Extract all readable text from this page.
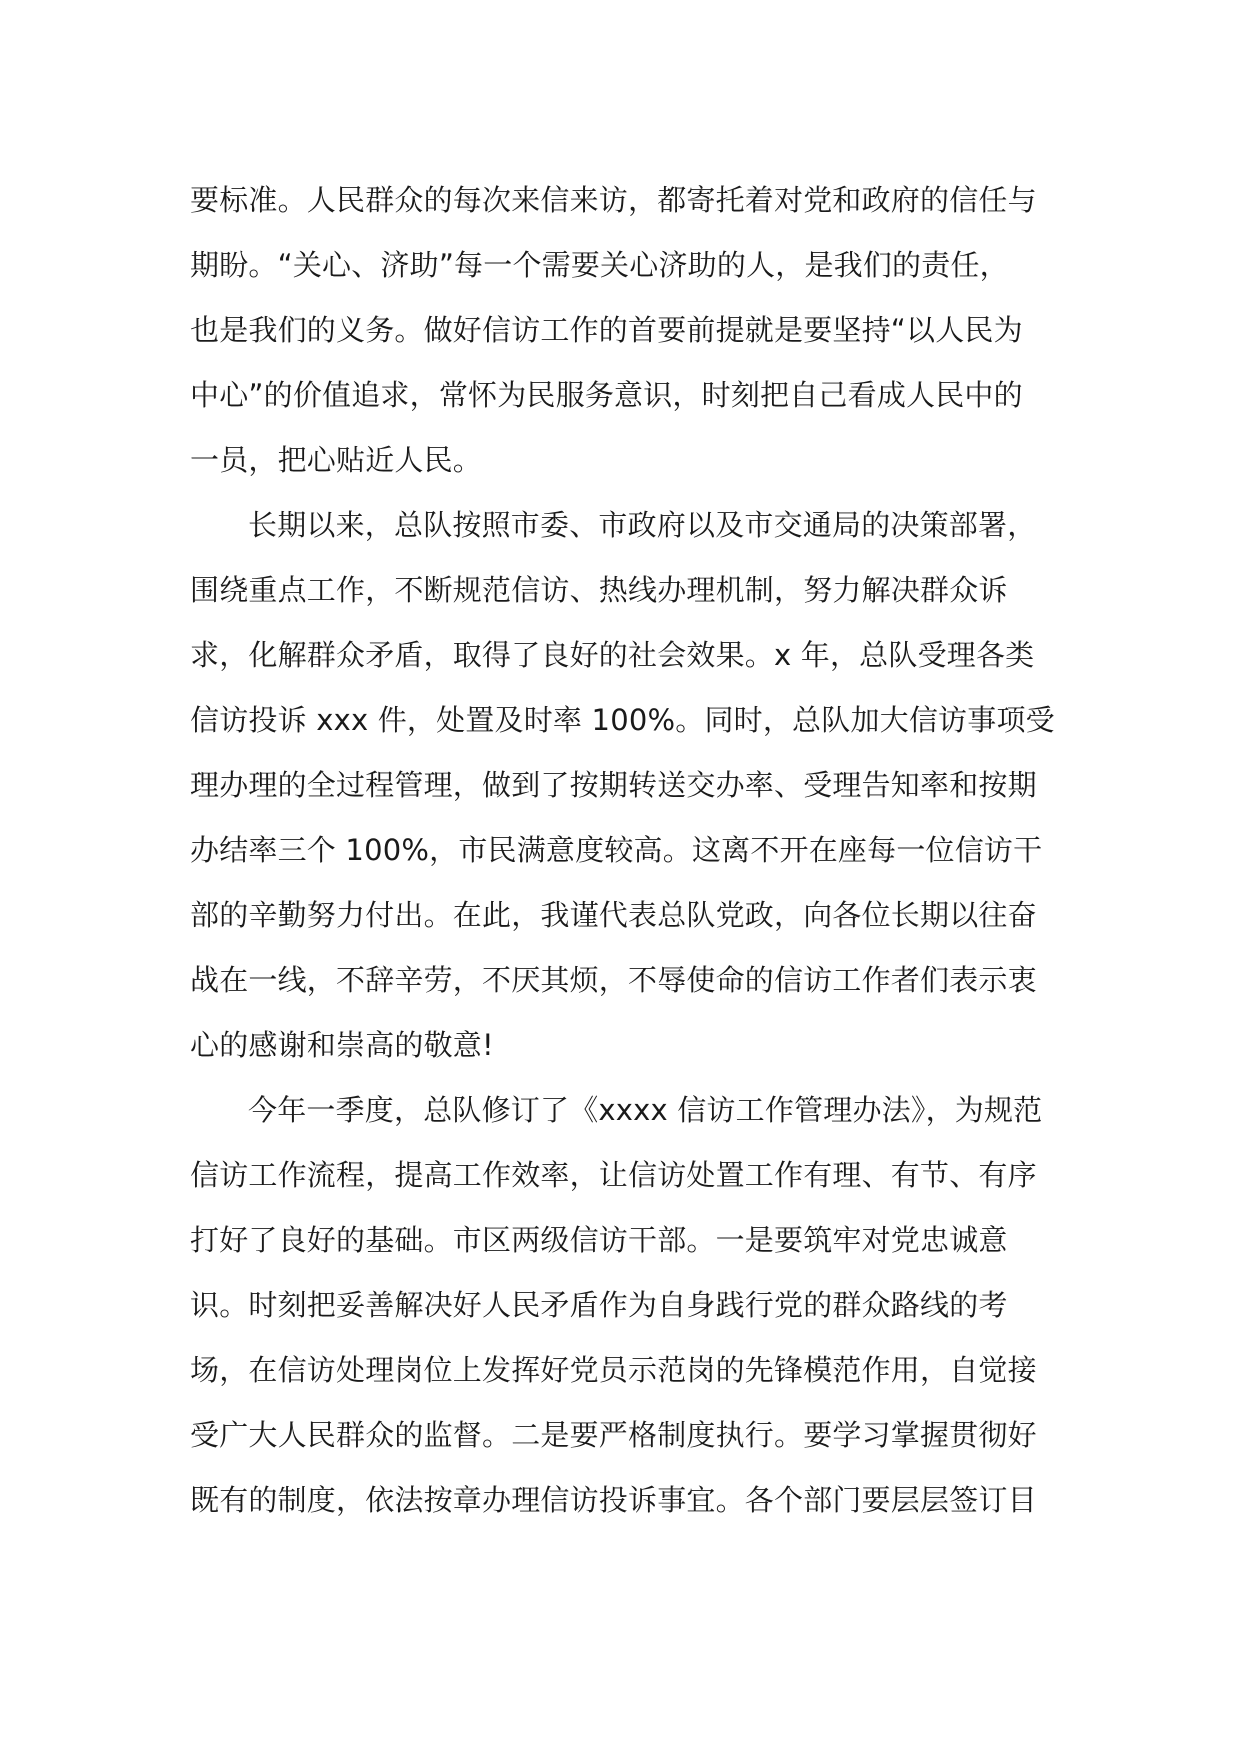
要标准。人民群众的每次来信来访，都寄托着对党和政府的信任与
期盼。“关心、济助”每一个需要关心济助的人，是我们的责任，
也是我们的义务。做好信访工作的首要前提就是要坚持“以人民为
中心”的价值追求，常怀为民服务意识，时刻把自己看成人民中的
一员，把心贴近人民。
长期以来，总队按照市委、市政府以及市交通局的决策部署，
围绕重点工作，不断规范信访、热线办理机制，努力解决群众诉
求，化解群众矛盾，取得了良好的社会效果。x 年，总队受理各类
信访投诉 xxx 件，处置及时率 100%。同时，总队加大信访事项受
理办理的全过程管理，做到了按期转送交办率、受理告知率和按期
办结率三个 100%，市民满意度较高。这离不开在座每一位信访干
部的辛勤努力付出。在此，我谨代表总队党政，向各位长期以往奋
战在一线，不辞辛劳，不厌其烦，不辱使命的信访工作者们表示衷
心的感谢和崇高的敬意!
今年一季度，总队修订了《xxxx 信访工作管理办法》，为规范
信访工作流程，提高工作效率，让信访处置工作有理、有节、有序
打好了良好的基础。市区两级信访干部。一是要筑牢对党忠诚意
识。时刻把妥善解决好人民矛盾作为自身践行党的群众路线的考
场，在信访处理岗位上发挥好党员示范岗的先锋模范作用，自觉接
受广大人民群众的监督。二是要严格制度执行。要学习掌握贯彻好
既有的制度，依法按章办理信访投诉事宜。各个部门要层层签订目
